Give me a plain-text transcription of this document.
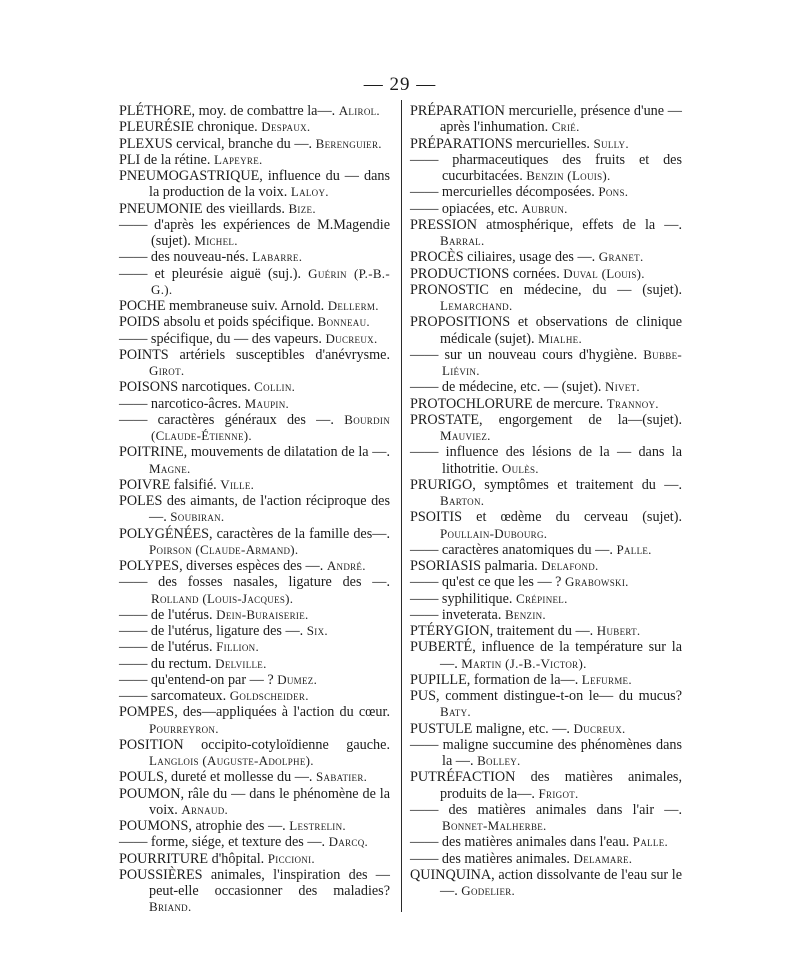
— 29 —

PLÉTHORE, moy. de combattre la—. Alirol.

PLEURÉSIE chronique. Despaux.

PLEXUS cervical, branche du —. Berenguier.

PLI de la rétine. Lapeyre.

PNEUMOGASTRIQUE, influence du — dans la production de la voix. Laloy.

PNEUMONIE des vieillards. Bize.

—— d'après les expériences de M.Magendie (sujet). Michel.

—— des nouveau-nés. Labarre.

—— et pleurésie aiguë (suj.). Guérin (P.-B.-G.).

POCHE membraneuse suiv. Arnold. Dellerm.

POIDS absolu et poids spécifique. Bonneau.

—— spécifique, du — des vapeurs. Ducreux.

POINTS artériels susceptibles d'anévrysme. Girot.

POISONS narcotiques. Collin.

—— narcotico-âcres. Maupin.

—— caractères généraux des —. Bourdin (Claude-Étienne).

POITRINE, mouvements de dilatation de la —. Magne.

POIVRE falsifié. Ville.

POLES des aimants, de l'action réciproque des—. Soubiran.

POLYGÉNÉES, caractères de la famille des—. Poirson (Claude-Armand).

POLYPES, diverses espèces des —. André.

—— des fosses nasales, ligature des —. Rolland (Louis-Jacques).

—— de l'utérus. Dein-Buraiserie.

—— de l'utérus, ligature des —. Six.

—— de l'utérus. Fillion.

—— du rectum. Delville.

—— qu'entend-on par — ? Dumez.

—— sarcomateux. Goldscheider.

POMPES, des—appliquées à l'action du cœur. Pourreyron.

POSITION occipito-cotyloïdienne gauche. Langlois (Auguste-Adolphe).

POULS, dureté et mollesse du —. Sabatier.

POUMON, râle du — dans le phénomène de la voix. Arnaud.

POUMONS, atrophie des —. Lestrelin.

—— forme, siége, et texture des —. Darcq.

POURRITURE d'hôpital. Piccioni.

POUSSIÈRES animales, l'inspiration des — peut-elle occasionner des maladies? Briand.

PRÉPARATION mercurielle, présence d'une — après l'inhumation. Crié.

PRÉPARATIONS mercurielles. Sully.

—— pharmaceutiques des fruits et des cucurbitacées. Benzin (Louis).

—— mercurielles décomposées. Pons.

—— opiacées, etc. Aubrun.

PRESSION atmosphérique, effets de la —. Barral.

PROCÈS ciliaires, usage des —. Granet.

PRODUCTIONS cornées. Duval (Louis).

PRONOSTIC en médecine, du — (sujet). Lemarchand.

PROPOSITIONS et observations de clinique médicale (sujet). Mialhe.

—— sur un nouveau cours d'hygiène. Bubbe-Liévin.

—— de médecine, etc. — (sujet). Nivet.

PROTOCHLORURE de mercure. Trannoy.

PROSTATE, engorgement de la—(sujet). Mauviez.

—— influence des lésions de la — dans la lithotritie. Oulès.

PRURIGO, symptômes et traitement du —. Barton.

PSOITIS et œdème du cerveau (sujet). Poullain-Dubourg.

—— caractères anatomiques du —. Palle.

PSORIASIS palmaria. Delafond.

—— qu'est ce que les — ? Grabowski.

—— syphilitique. Crépinel.

—— inveterata. Benzin.

PTÉRYGION, traitement du —. Hubert.

PUBERTÉ, influence de la température sur la—. Martin (J.-B.-Victor).

PUPILLE, formation de la—. Lefurme.

PUS, comment distingue-t-on le— du mucus? Baty.

PUSTULE maligne, etc. —. Ducreux.

—— maligne succumine des phénomènes dans la —. Bolley.

PUTRÉFACTION des matières animales, produits de la—. Frigot.

—— des matières animales dans l'air —. Bonnet-Malherbe.

—— des matières animales dans l'eau. Palle.

—— des matières animales. Delamare.

QUINQUINA, action dissolvante de l'eau sur le—. Godelier.
